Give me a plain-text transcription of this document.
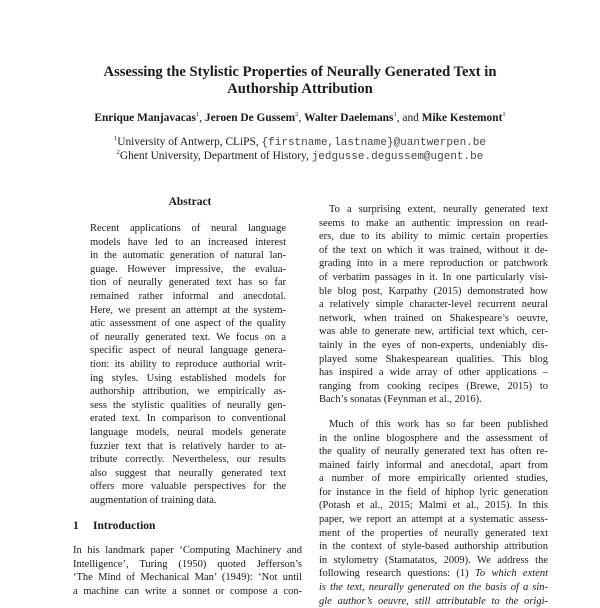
Assessing the Stylistic Properties of Neurally Generated Text in
Authorship Attribution
Enrique Manjavacas$^1$, Jeroen De Gussem$^2$, Walter Daelemans$^1$, and Mike Kestemont$^1$
$^1$University of Antwerp, CLiPS, {firstname,lastname}@uantwerpen.be
$^2$Ghent University, Department of History, jedgusse.degussem@ugent.be
Abstract
Recent applications of neural language
models have led to an increased interest
in the automatic generation of natural lan-
guage. However impressive, the evalua-
tion of neurally generated text has so far
remained rather informal and anecdotal.
Here, we present an attempt at the system-
atic assessment of one aspect of the quality
of neurally generated text. We focus on a
specific aspect of neural language genera-
tion: its ability to reproduce authorial writ-
ing styles. Using established models for
authorship attribution, we empirically as-
sess the stylistic qualities of neurally gen-
erated text. In comparison to conventional
language models, neural models generate
fuzzier text that is relatively harder to at-
tribute correctly. Nevertheless, our results
also suggest that neurally generated text
offers more valuable perspectives for the
augmentation of training data.
1 Introduction
In his landmark paper ‘Computing Machinery and
Intelligence’, Turing (1950) quoted Jefferson’s
‘The Mind of Mechanical Man’ (1949): ‘Not until
a machine can write a sonnet or compose a con-
To a surprising extent, neurally generated text
seems to make an authentic impression on read-
ers, due to its ability to mimic certain properties
of the text on which it was trained, without it de-
grading into in a mere reproduction or patchwork
of verbatim passages in it. In one particularly visi-
ble blog post, Karpathy (2015) demonstrated how
a relatively simple character-level recurrent neural
network, when trained on Shakespeare’s oeuvre,
was able to generate new, artificial text which, cer-
tainly in the eyes of non-experts, undeniably dis-
played some Shakespearean qualities. This blog
has inspired a wide array of other applications –
ranging from cooking recipes (Brewe, 2015) to
Bach’s sonatas (Feynman et al., 2016).
Much of this work has so far been published
in the online blogosphere and the assessment of
the quality of neurally generated text has often re-
mained fairly informal and anecdotal, apart from
a number of more empirically oriented studies,
for instance in the field of hiphop lyric generation
(Potash et al., 2015; Malmi et al., 2015). In this
paper, we report an attempt at a systematic assess-
ment of the properties of neurally generated text
in the context of style-based authorship attribution
in stylometry (Stamatatos, 2009). We address the
following research questions: (1) To which extent
is the text, neurally generated on the basis of a sin-
gle author’s oeuvre, still attributable to the origi-
